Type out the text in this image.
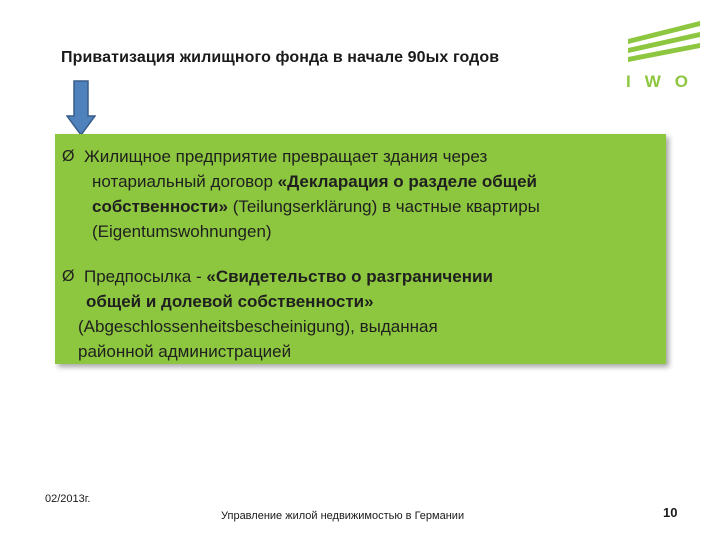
Приватизация жилищного фонда в начале 90ых годов
IWO
Ø Жилищное предприятие превращает здания через
нотариальный договор «Декларация о разделе общей
собственности» (Teilungserklärung) в частные квартиры
(Eigentumswohnungen)
Ø Предпосылка - «Свидетельство о разграничении
общей и долевой собственности»
(Abgeschlossenheitsbescheinigung), выданная
районной администрацией
02/2013г.
Управление жилой недвижимостью в Германии	10
